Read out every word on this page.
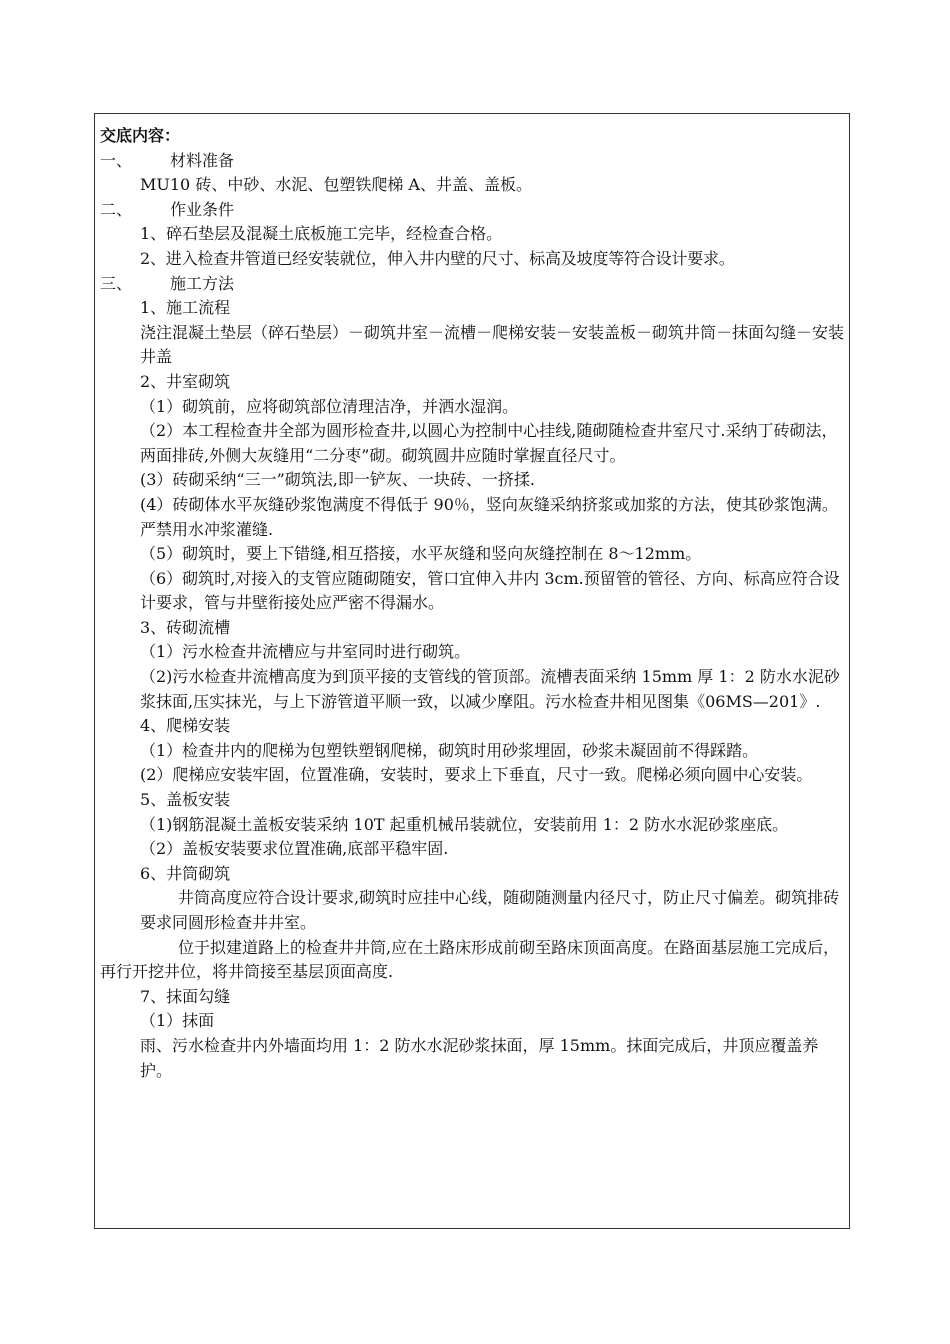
交底内容：
一、 材料准备
MU10 砖、中砂、水泥、包塑铁爬梯 A、井盖、盖板。
二、 作业条件
1、碎石垫层及混凝土底板施工完毕，经检查合格。
2、进入检查井管道已经安装就位，伸入井内壁的尺寸、标高及坡度等符合设计要求。
三、 施工方法
1、施工流程
浇注混凝土垫层（碎石垫层）－砌筑井室－流槽－爬梯安装－安装盖板－砌筑井筒－抹面勾缝－安装井盖
2、井室砌筑
（1）砌筑前，应将砌筑部位清理洁净，并洒水湿润。
（2）本工程检查井全部为圆形检查井,以圆心为控制中心挂线,随砌随检查井室尺寸.采纳丁砖砌法，两面排砖,外侧大灰缝用“二分枣”砌。砌筑圆井应随时掌握直径尺寸。
(3）砖砌采纳“三一”砌筑法,即一铲灰、一块砖、一挤揉.
(4）砖砌体水平灰缝砂浆饱满度不得低于 90％，竖向灰缝采纳挤浆或加浆的方法，使其砂浆饱满。严禁用水冲浆灌缝.
（5）砌筑时，要上下错缝,相互搭接，水平灰缝和竖向灰缝控制在 8～12mm。
（6）砌筑时,对接入的支管应随砌随安，管口宜伸入井内 3cm.预留管的管径、方向、标高应符合设计要求，管与井壁衔接处应严密不得漏水。
3、砖砌流槽
（1）污水检查井流槽应与井室同时进行砌筑。
（2)污水检查井流槽高度为到顶平接的支管线的管顶部。流槽表面采纳 15mm 厚 1：2 防水水泥砂浆抹面,压实抹光，与上下游管道平顺一致，以减少摩阻。污水检查井相见图集《06MS—201》.
4、爬梯安装
（1）检查井内的爬梯为包塑铁塑钢爬梯，砌筑时用砂浆埋固，砂浆未凝固前不得踩踏。
(2）爬梯应安装牢固，位置准确，安装时，要求上下垂直，尺寸一致。爬梯必须向圆中心安装。
5、盖板安装
（1)钢筋混凝土盖板安装采纳 10T 起重机械吊装就位，安装前用 1：2 防水水泥砂浆座底。
（2）盖板安装要求位置准确,底部平稳牢固.
6、井筒砌筑
井筒高度应符合设计要求,砌筑时应挂中心线，随砌随测量内径尺寸，防止尺寸偏差。砌筑排砖要求同圆形检查井井室。
位于拟建道路上的检查井井筒,应在土路床形成前砌至路床顶面高度。在路面基层施工完成后，再行开挖井位，将井筒接至基层顶面高度.
7、抹面勾缝
（1）抹面
雨、污水检查井内外墙面均用 1：2 防水水泥砂浆抹面，厚 15mm。抹面完成后，井顶应覆盖养护。
